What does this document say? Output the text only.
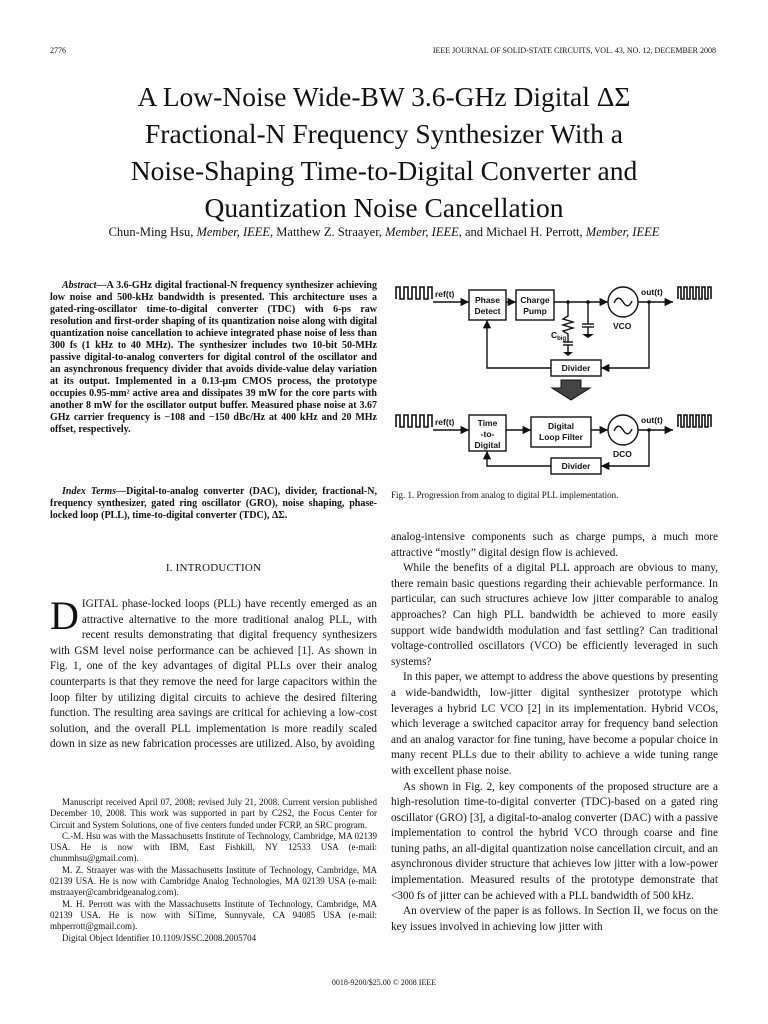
2776	IEEE JOURNAL OF SOLID-STATE CIRCUITS, VOL. 43, NO. 12, DECEMBER 2008
A Low-Noise Wide-BW 3.6-GHz Digital ΔΣ
Fractional-N Frequency Synthesizer With a
Noise-Shaping Time-to-Digital Converter and
Quantization Noise Cancellation
Chun-Ming Hsu, Member, IEEE, Matthew Z. Straayer, Member, IEEE, and Michael H. Perrott, Member, IEEE

Abstract—A 3.6-GHz digital fractional-N frequency synthesizer achieving low noise and 500-kHz bandwidth is presented. This architecture uses a gated-ring-oscillator time-to-digital converter (TDC) with 6-ps raw resolution and first-order shaping of its quantization noise along with digital quantization noise cancellation to achieve integrated phase noise of less than 300 fs (1 kHz to 40 MHz). The synthesizer includes two 10-bit 50-MHz passive digital-to-analog converters for digital control of the oscillator and an asynchronous frequency divider that avoids divide-value delay variation at its output. Implemented in a 0.13-μm CMOS process, the prototype occupies 0.95-mm² active area and dissipates 39 mW for the core parts with another 8 mW for the oscillator output buffer. Measured phase noise at 3.67 GHz carrier frequency is −108 and −150 dBc/Hz at 400 kHz and 20 MHz offset, respectively.

Index Terms—Digital-to-analog converter (DAC), divider, fractional-N, frequency synthesizer, gated ring oscillator (GRO), noise shaping, phase-locked loop (PLL), time-to-digital converter (TDC), ΔΣ.

I. INTRODUCTION

DIGITAL phase-locked loops (PLL) have recently emerged as an attractive alternative to the more traditional analog PLL, with recent results demonstrating that digital frequency synthesizers with GSM level noise performance can be achieved [1]. As shown in Fig. 1, one of the key advantages of digital PLLs over their analog counterparts is that they remove the need for large capacitors within the loop filter by utilizing digital circuits to achieve the desired filtering function. The resulting area savings are critical for achieving a low-cost solution, and the overall PLL implementation is more readily scaled down in size as new fabrication processes are utilized. Also, by avoiding

Manuscript received April 07, 2008; revised July 21, 2008. Current version published December 10, 2008. This work was supported in part by C2S2, the Focus Center for Circuit and System Solutions, one of five centers funded under FCRP, an SRC program.

C.-M. Hsu was with the Massachusetts Institute of Technology, Cambridge, MA 02139 USA. He is now with IBM, East Fishkill, NY 12533 USA (e-mail: chunmhsu@gmail.com).

M. Z. Straayer was with the Massachusetts Institute of Technology, Cambridge, MA 02139 USA. He is now with Cambridge Analog Technologies, MA 02139 USA (e-mail: mstraayer@cambridgeanalog.com).

M. H. Perrott was with the Massachusetts Institute of Technology, Cambridge, MA 02139 USA. He is now with SiTime, Sunnyvale, CA 94085 USA (e-mail: mhperrott@gmail.com).

Digital Object Identifier 10.1109/JSSC.2008.2005704

ref(t)	out(t)
Phase
Detect
Charge
Pump
$C_{big}$
VCO
Divider
ref(t)	out(t)
Time
-to-
Digital
Digital
Loop Filter
DCO
Divider
Fig. 1. Progression from analog to digital PLL implementation.

analog-intensive components such as charge pumps, a much more attractive “mostly” digital design flow is achieved.

While the benefits of a digital PLL approach are obvious to many, there remain basic questions regarding their achievable performance. In particular, can such structures achieve low jitter comparable to analog approaches? Can high PLL bandwidth be achieved to more easily support wide bandwidth modulation and fast settling? Can traditional voltage-controlled oscillators (VCO) be efficiently leveraged in such systems?

In this paper, we attempt to address the above questions by presenting a wide-bandwidth, low-jitter digital synthesizer prototype which leverages a hybrid LC VCO [2] in its implementation. Hybrid VCOs, which leverage a switched capacitor array for frequency band selection and an analog varactor for fine tuning, have become a popular choice in many recent PLLs due to their ability to achieve a wide tuning range with excellent phase noise.

As shown in Fig. 2, key components of the proposed structure are a high-resolution time-to-digital converter (TDC)-based on a gated ring oscillator (GRO) [3], a digital-to-analog converter (DAC) with a passive implementation to control the hybrid VCO through coarse and fine tuning paths, an all-digital quantization noise cancellation circuit, and an asynchronous divider structure that achieves low jitter with a low-power implementation. Measured results of the prototype demonstrate that <300 fs of jitter can be achieved with a PLL bandwidth of 500 kHz.

An overview of the paper is as follows. In Section II, we focus on the key issues involved in achieving low jitter with

0018-9200/$25.00 © 2008 IEEE
